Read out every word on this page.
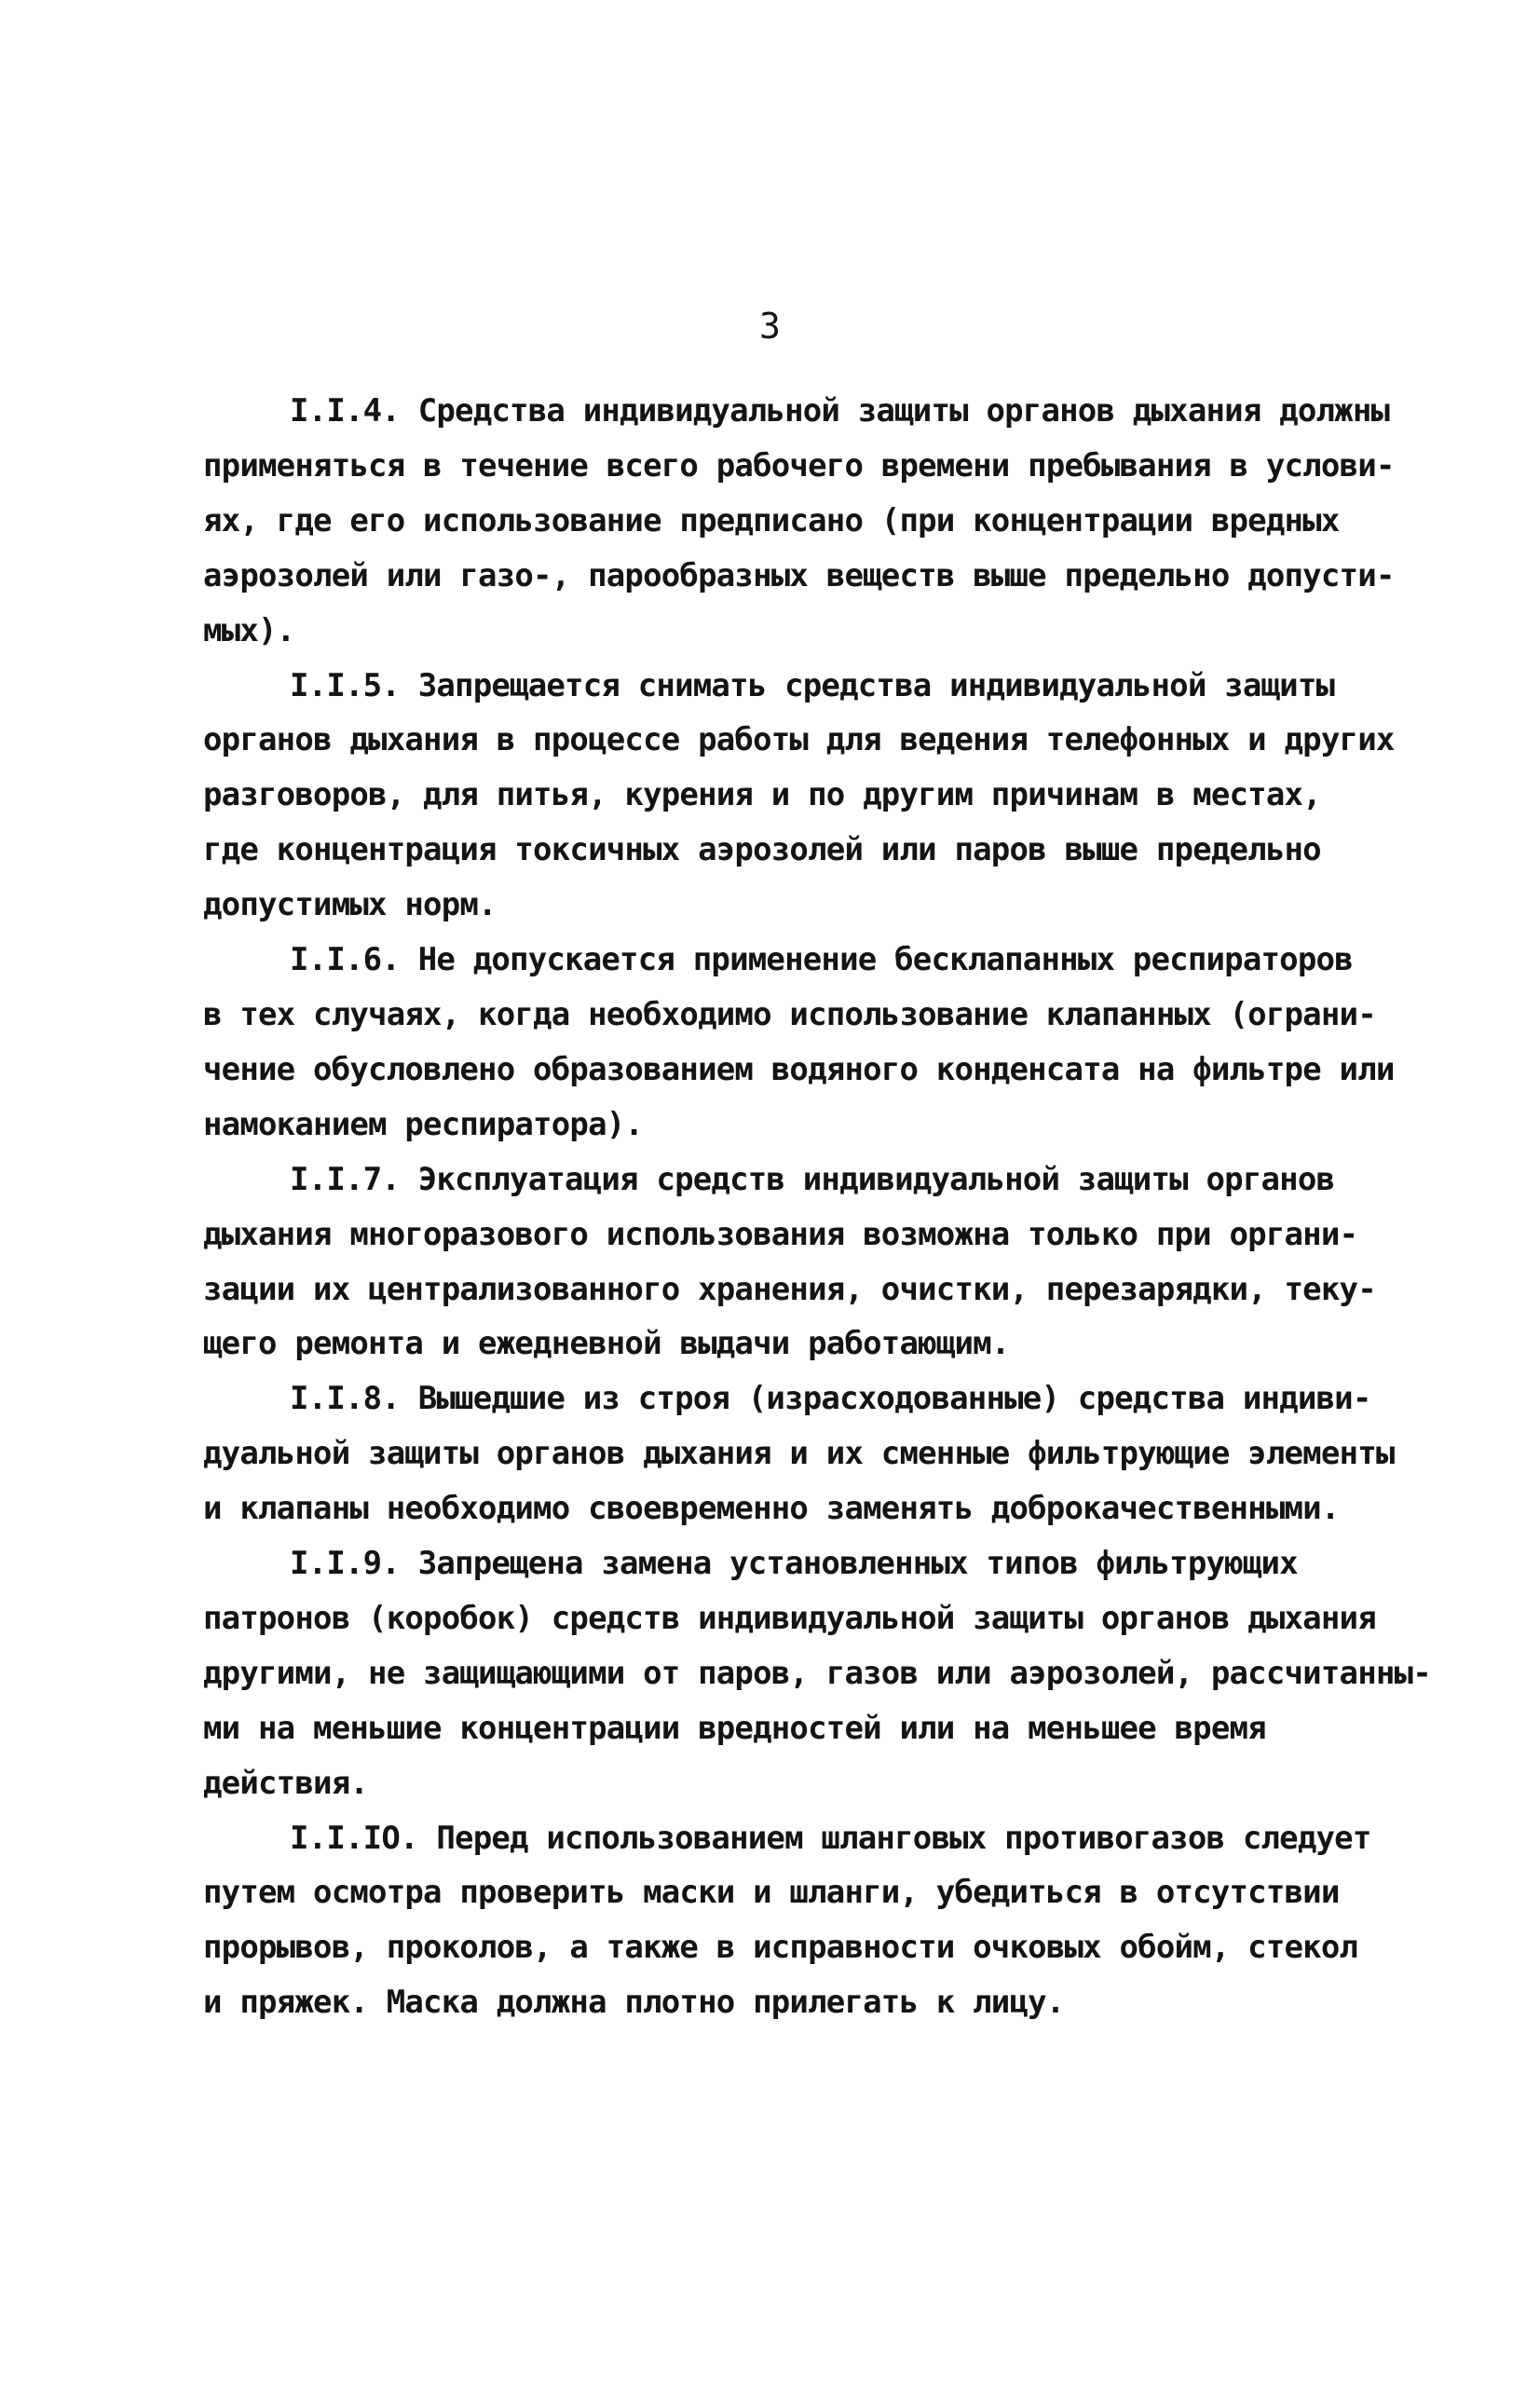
3
I.I.4. Средства индивидуальной защиты органов дыхания должны
применяться в течение всего рабочего времени пребывания в услови-
ях, где его использование предписано (при концентрации вредных
аэрозолей или газо-, парообразных веществ выше предельно допусти-
мых).
I.I.5. Запрещается снимать средства индивидуальной защиты
органов дыхания в процессе работы для ведения телефонных и других
разговоров, для питья, курения и по другим причинам в местах,
где концентрация токсичных аэрозолей или паров выше предельно
допустимых норм.
I.I.6. Не допускается применение бесклапанных респираторов
в тех случаях, когда необходимо использование клапанных (ограни-
чение обусловлено образованием водяного конденсата на фильтре или
намоканием респиратора).
I.I.7. Эксплуатация средств индивидуальной защиты органов
дыхания многоразового использования возможна только при органи-
зации их централизованного хранения, очистки, перезарядки, теку-
щего ремонта и ежедневной выдачи работающим.
I.I.8. Вышедшие из строя (израсходованные) средства индиви-
дуальной защиты органов дыхания и их сменные фильтрующие элементы
и клапаны необходимо своевременно заменять доброкачественными.
I.I.9. Запрещена замена установленных типов фильтрующих
патронов (коробок) средств индивидуальной защиты органов дыхания
другими, не защищающими от паров, газов или аэрозолей, рассчитанны-
ми на меньшие концентрации вредностей или на меньшее время
действия.
I.I.IO. Перед использованием шланговых противогазов следует
путем осмотра проверить маски и шланги, убедиться в отсутствии
прорывов, проколов, а также в исправности очковых обойм, стекол
и пряжек. Маска должна плотно прилегать к лицу.
